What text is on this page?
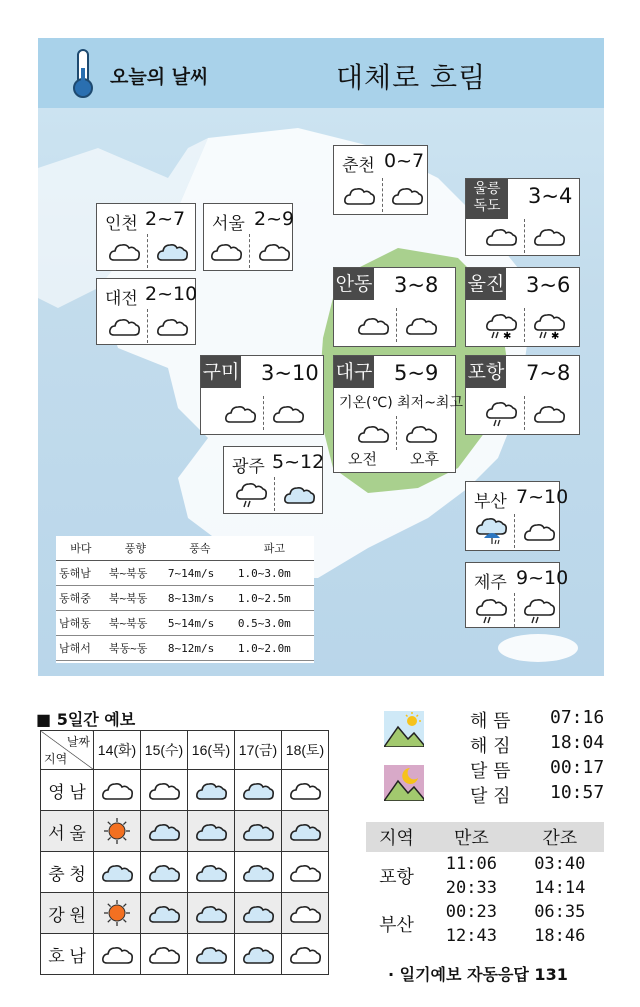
오늘의 날씨	대체로 흐림
바다	풍향	풍속	파고
동해남	북~북동	7~14m/s	1.0~3.0m
동해중	북~북동	8~13m/s	1.0~2.5m
남해동	북~북동	5~14m/s	0.5~3.0m
남해서	북동~동	8~12m/s	1.0~2.0m
춘천 0~7
울릉
독도	3~4
인천 2~7 서울 2~9
대전 2~10	안동 3~8 울진 3~6
✱	✱
구미 3~10 대구 5~9
기온(℃) 최저~최고
오전 오후
포항 7~8
광주 5~12
부산 7~10
제주 9~10
■ 5일간 예보
날짜
지역	14(화)	15(수)	16(목)	17(금)	18(토)
영 남	

서 울	

충 청	

강 원	

호 남	

해 뜸 07:16
해 짐 18:04
달 뜸 00:17
달 짐 10:57
지역	만조	간조
포항	11:06	03:40
	20:33	14:14
부산	00:23	06:35
	12:43	18:46
· 일기예보 자동응답 131
